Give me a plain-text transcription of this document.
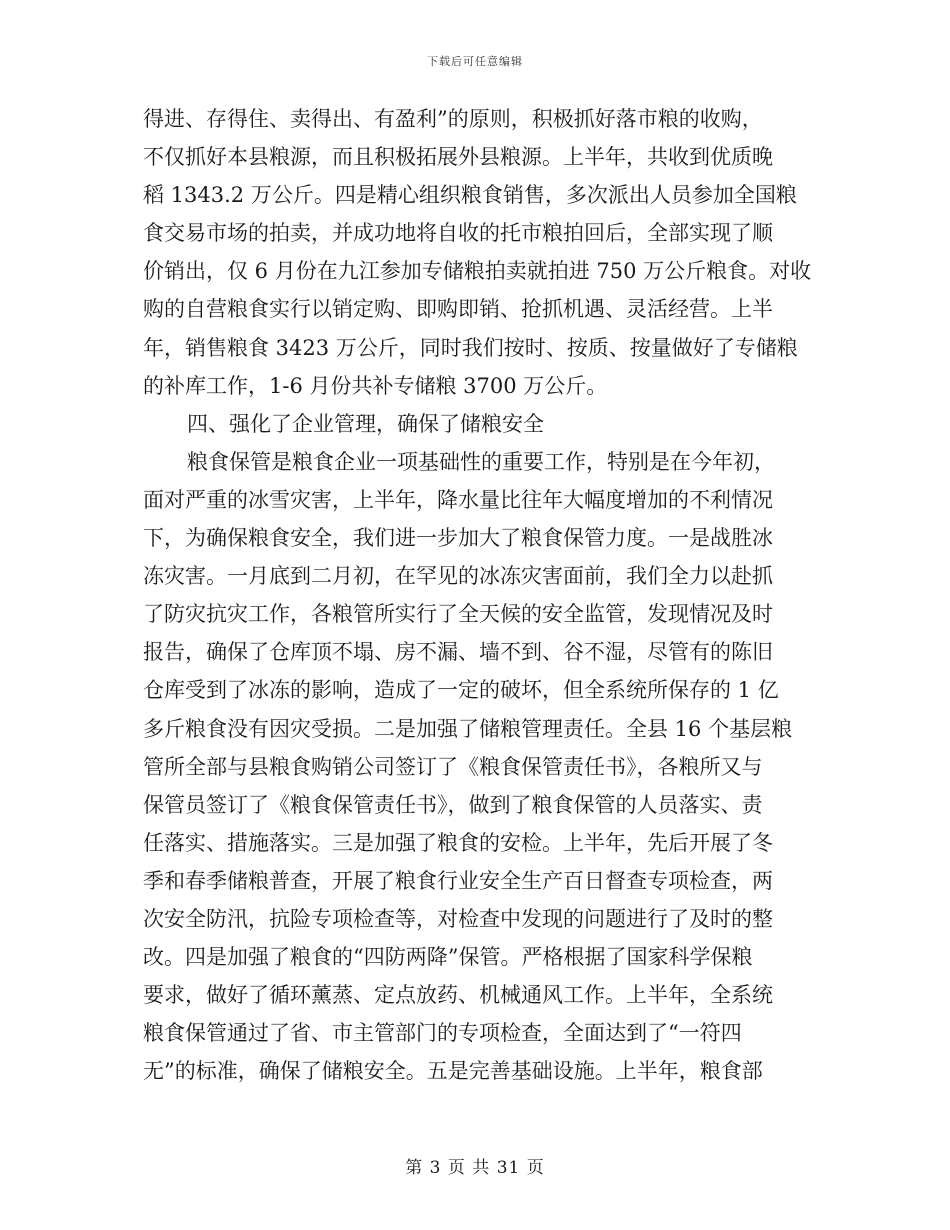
下载后可任意编辑
得进、存得住、卖得出、有盈利”的原则，积极抓好落市粮的收购，
不仅抓好本县粮源，而且积极拓展外县粮源。上半年，共收到优质晚
稻 1343.2 万公斤。四是精心组织粮食销售，多次派出人员参加全国粮
食交易市场的拍卖，并成功地将自收的托市粮拍回后，全部实现了顺
价销出，仅 6 月份在九江参加专储粮拍卖就拍进 750 万公斤粮食。对收
购的自营粮食实行以销定购、即购即销、抢抓机遇、灵活经营。上半
年，销售粮食 3423 万公斤，同时我们按时、按质、按量做好了专储粮
的补库工作，1-6 月份共补专储粮 3700 万公斤。
四、强化了企业管理，确保了储粮安全
粮食保管是粮食企业一项基础性的重要工作，特别是在今年初，
面对严重的冰雪灾害，上半年，降水量比往年大幅度增加的不利情况
下，为确保粮食安全，我们进一步加大了粮食保管力度。一是战胜冰
冻灾害。一月底到二月初，在罕见的冰冻灾害面前，我们全力以赴抓
了防灾抗灾工作，各粮管所实行了全天候的安全监管，发现情况及时
报告，确保了仓库顶不塌、房不漏、墙不到、谷不湿，尽管有的陈旧
仓库受到了冰冻的影响，造成了一定的破坏，但全系统所保存的 1 亿
多斤粮食没有因灾受损。二是加强了储粮管理责任。全县 16 个基层粮
管所全部与县粮食购销公司签订了《粮食保管责任书》，各粮所又与
保管员签订了《粮食保管责任书》，做到了粮食保管的人员落实、责
任落实、措施落实。三是加强了粮食的安检。上半年，先后开展了冬
季和春季储粮普查，开展了粮食行业安全生产百日督查专项检查，两
次安全防汛，抗险专项检查等，对检查中发现的问题进行了及时的整
改。四是加强了粮食的“四防两降”保管。严格根据了国家科学保粮
要求，做好了循环薰蒸、定点放药、机械通风工作。上半年，全系统
粮食保管通过了省、市主管部门的专项检查，全面达到了“一符四
无”的标准，确保了储粮安全。五是完善基础设施。上半年，粮食部
第 3 页 共 31 页
